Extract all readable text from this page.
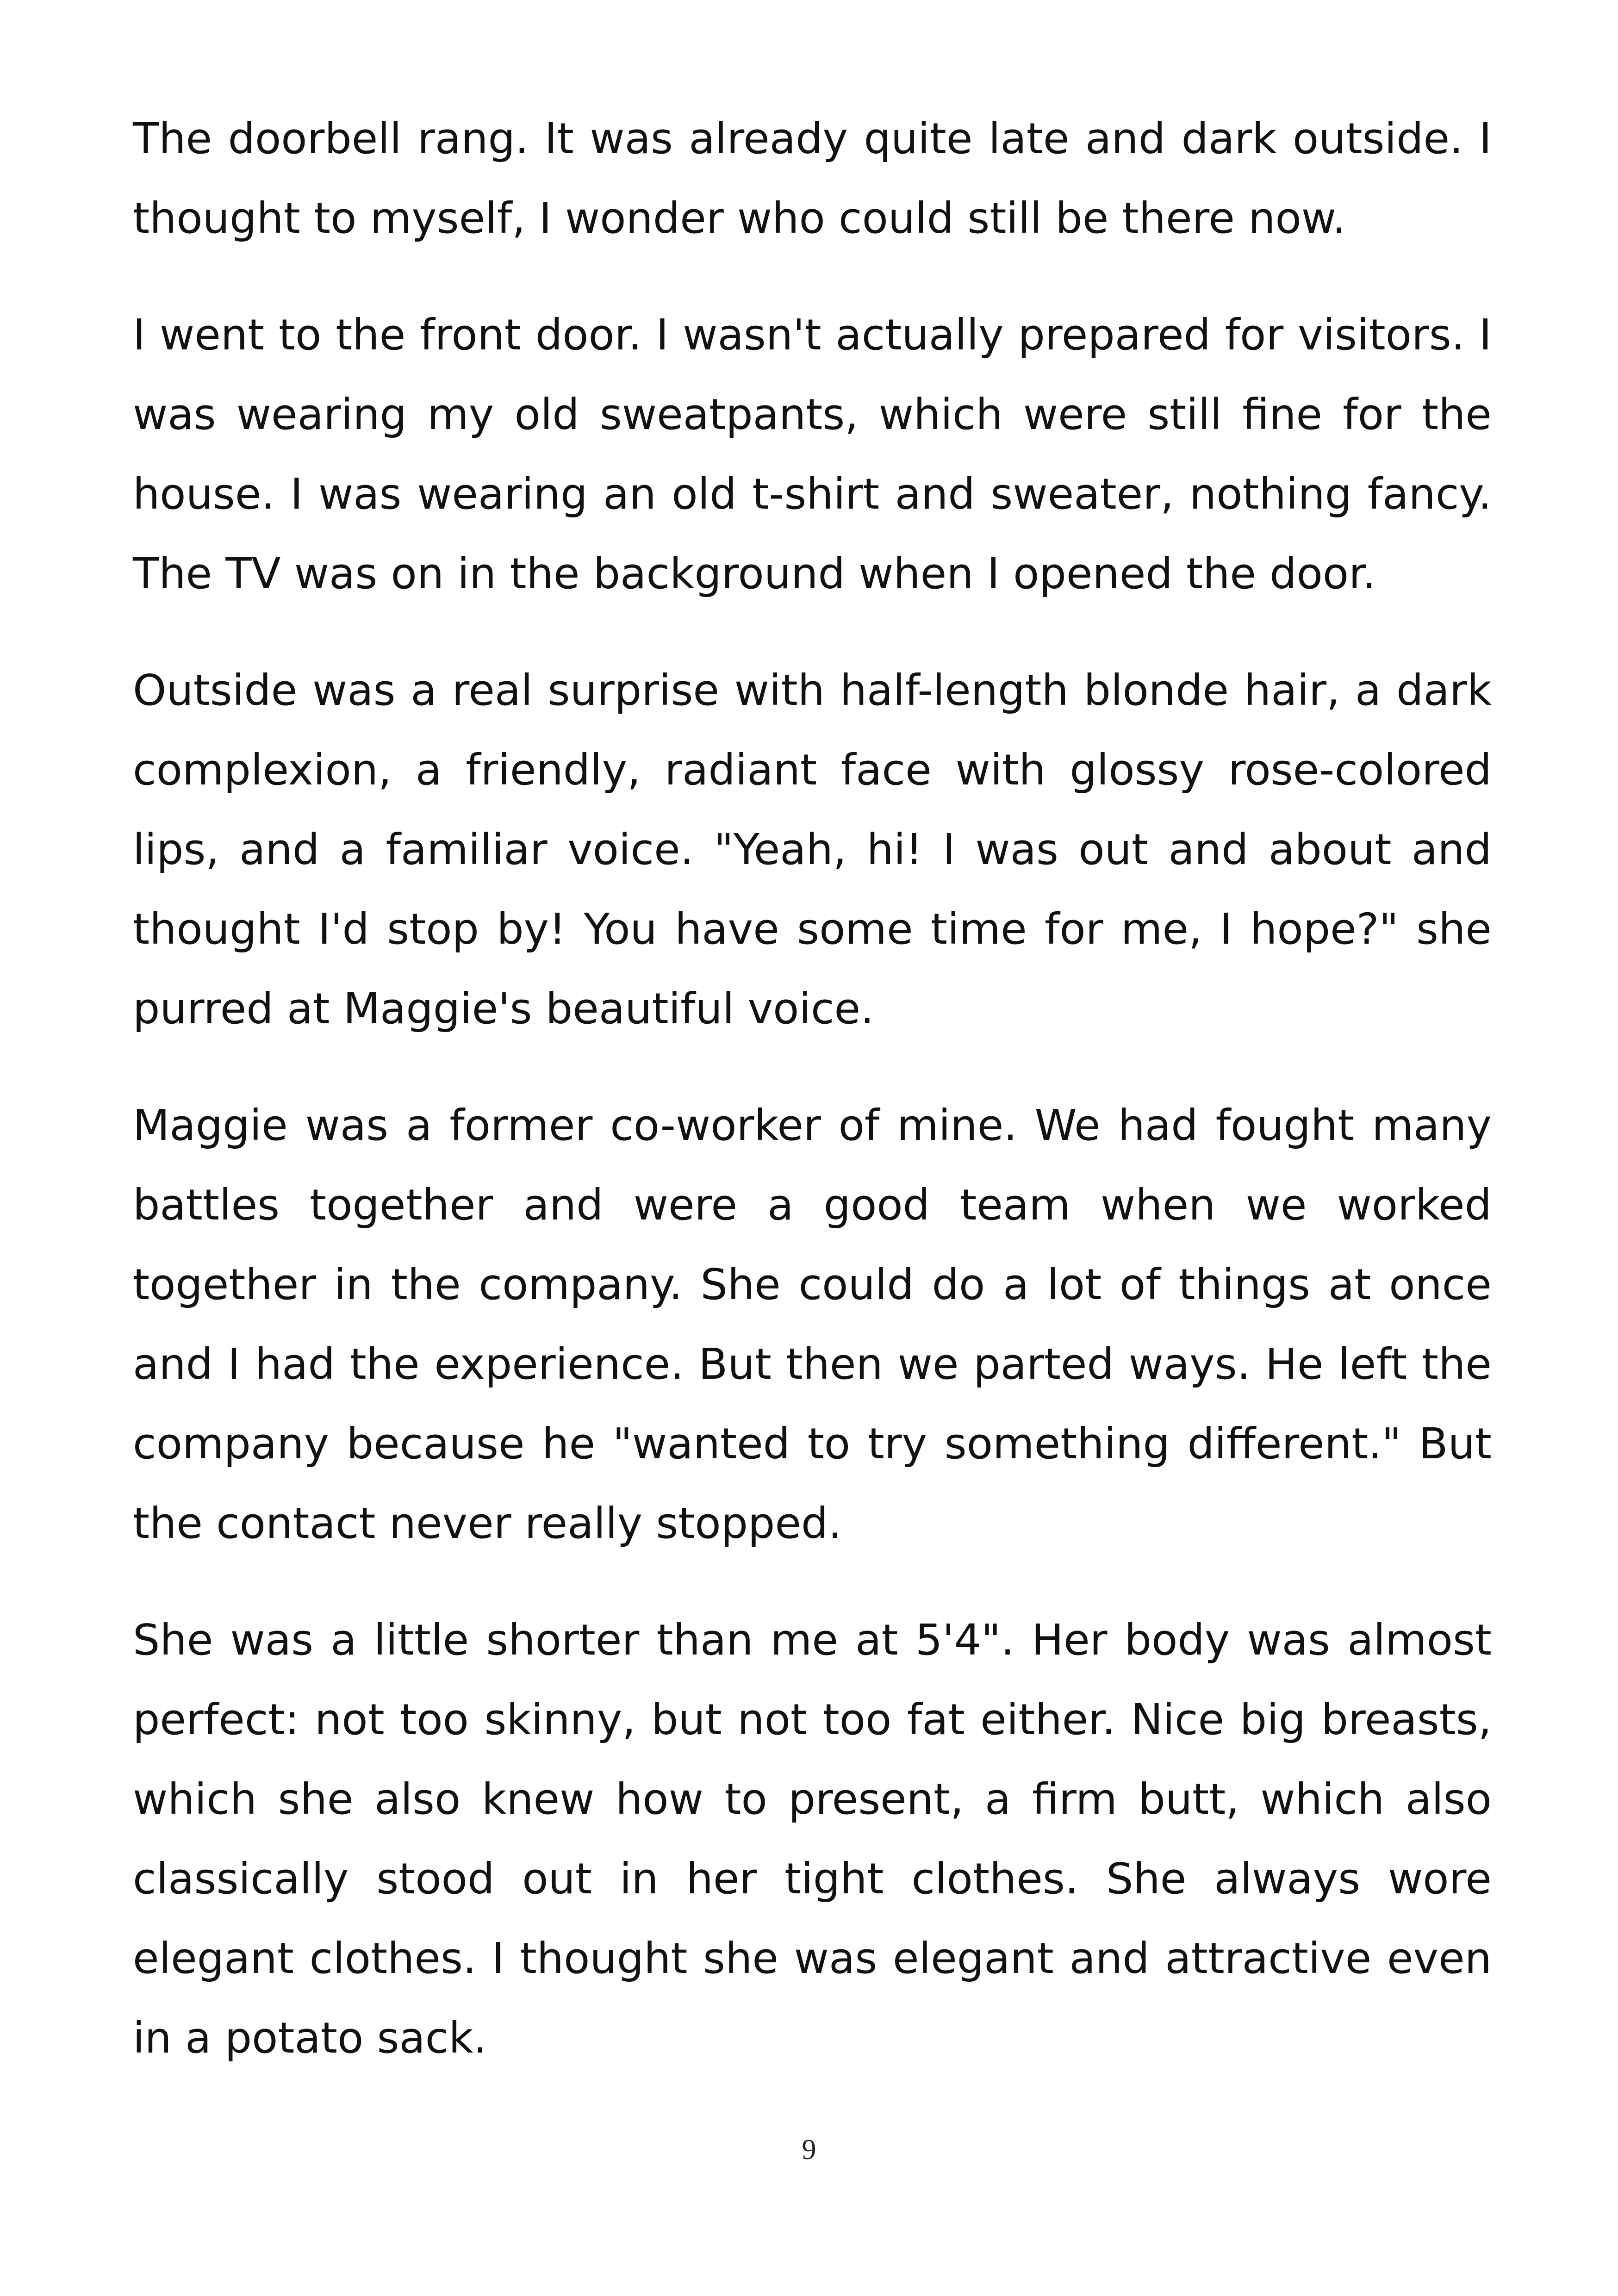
The doorbell rang. It was already quite late and dark outside. I thought to myself, I wonder who could still be there now.

I went to the front door. I wasn't actually prepared for visitors. I was wearing my old sweatpants, which were still fine for the house. I was wearing an old t-shirt and sweater, nothing fancy. The TV was on in the background when I opened the door.

Outside was a real surprise with half-length blonde hair, a dark complexion, a friendly, radiant face with glossy rose-colored lips, and a familiar voice. "Yeah, hi! I was out and about and thought I'd stop by! You have some time for me, I hope?" she purred at Maggie's beautiful voice.

Maggie was a former co-worker of mine. We had fought many battles together and were a good team when we worked together in the company. She could do a lot of things at once and I had the experience. But then we parted ways. He left the company because he "wanted to try something different." But the contact never really stopped.

She was a little shorter than me at 5'4". Her body was almost perfect: not too skinny, but not too fat either. Nice big breasts, which she also knew how to present, a firm butt, which also classically stood out in her tight clothes. She always wore elegant clothes. I thought she was elegant and attractive even in a potato sack.

9
